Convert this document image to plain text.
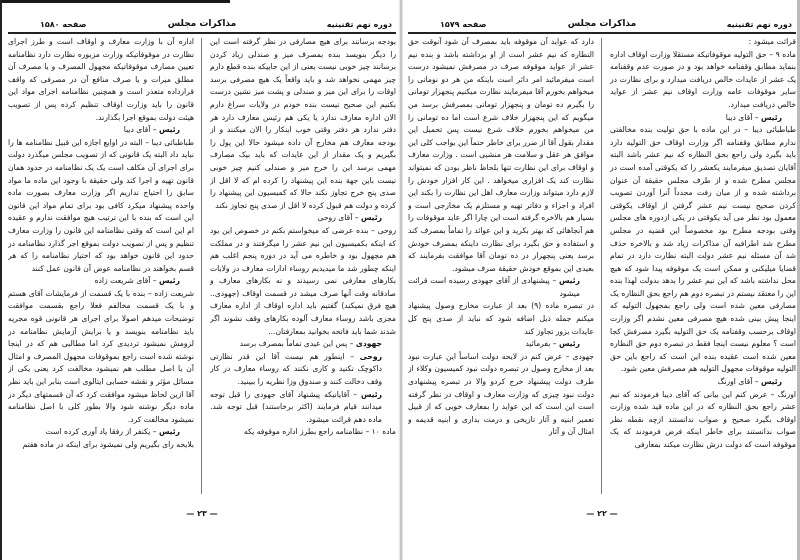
دوره نهم تقنینیه
مذاکرات مجلس
صفحه ۱۵۸۰

بودجه برسانند برای هیچ مصارفی در نظر گرفته است این را دیگر بنویسد بنده بمصرف میز و صندلی زیاد کردن برسانند چیز خوبی نیست یعنی از این جاییکه بنده قطع دارم چیز مهمی نخواهد شد و باید واقعاً یک هیچ مصرفی برسد اوقات را برای این میز و صندلی و پشت میز نشین درست بکنیم این صحیح نیست بنده خودم در ولایات سراغ دارم الان اداره معارف ندارد یا یکی هم رئیس معارف دارد هر دفتر ندارد هر دفتر وقتی خوب اینکار را الان میکنند و از بودجه معارف هم مخارج آن داده میشود حالا این پول را بگیریم و یک مقدار از این عایدات که باید بیک مصارف مهمی برسد این را خرج میز و صندلی کنیم چیز خوبی نیست باین جهة بنده این پیشنهاد را کرده ام که لا اقل از صدی پنج خرج تجاوز نکند حالا که کمیسیون این پیشنهاد را کرده و دولت هم قبول کرده لا اقل از صدی پنج تجاوز نکند

رئیس – آقای روحی

روحی – بنده عرضی که میخواستم بکنم در خصوص این بود که اینکه بکمیسیون این نیم عشر را میگرفتند و در مملکت هم مجهول بود و خاطره می آید در دوره پنجم اغلب هم اینکه چطور شد ما میدیدیم روساء ادارات معارف در ولایات بکارهای معارفی نمی رسیدند و نه بکارهای معارف و صادقانه وقت آنها صرف میشد در قسمت اوقاف (جهودی.. هیچ فرق نمیکند) گفتیم باید اداره اوقاف از اداره معارف مجزی باشد روساء معارف آلوده بکارهای وقف نشوند اگر شدند شما باید فاتحه بخوانید بمعارفتان...

جهودی – پس این عیدی تماماً بمصرف برسد

روحی – اینطور هم نیست آقا این قدر نظارتی داکوچک نکنید و کاری نکنند که روساء معارف در کار وقف دخالت کنند و صندوق وزا نظریه را ببینید.

رئیس – آقایانیکه پیشنهاد آقای جهودی را قبل توجه میدانند قیام فرمایند (اکثر برخاستند) قبل توجه شد. ماده دهم قرائت میشود.

ماده ۱۰ – نظامنامه راجع بطرز اداره موقوفه یکه

اداره آن با وزارت معارف و اوقاف است و طرز اجرای نظارت در موقوفاتیکه وزارت مزبوره نظارت دارد نظامنامه تعیین مصارف موقوفاتیکه مجهول المصرف و یا مصرف آن مطلق میرات و یا صرف منافع آن در مصرفی که واقف قرارداده متعذر است و همچنین نظامنامه اجرای مواد این قانون را باید وزارت اوقاف تنظیم کرده پس از تصویب هیئت دولت بموقع اجرا بگذارند.

رئیس – آقای دیبا

طباطبائی دیبا – البته در اوایع اجازه این قبیل نظامنامه ها را نباید داد البته یک قانونی که از تصویب مجلس میگذرد دولت برای اجرای آن مکلف است یک یک نظامنامه در حدود همان قانون تهیه و اجرا کند ولی حقیقة با وجود این ماده ما مواد سابق را احتیاج نداریم اگر وزارت معارف بصورت ماده واحده پیشنهاد میکرد کافی بود برای تمام مواد این قانون این است که بنده با این ترتیب هیچ موافقت ندارم و عقیده ام این است که وقتی نظامنامه این قانون را وزارت معارف تنظیم و پس از تصویب دولت بموقع اجر گذارد نظامنامه در حدود این قانون خواهد بود که اختیار نظامنامه را که هر قسم بخواهند در نظامنامه عوض آن قانون عمل کنند

رئیس – آقای شریعت زاده

شریعت زاده – بنده با یک قسمت از فرمایشات آقای هستم و با یک قسمت مخالفم فعلا راجع بقسمت موافقت توضیحات میدهم اصولا برای اجرای هر قانونی قوه مجریه باید نظامنامه بنویسد و یا برایش آزمایش نظامنامه در لزومش نمیشود تردیدی کرد اما مطالبی هم که در اینجا نوشته شده است راجع بموقوفات مجهول المصرف و امثال آن یا اصل مطلب هم نمیشود مخالفت کرد یعنی یکی از مسائل مؤثر و نقشه حسابی ایتالوی است بنابر این باید نظر آقا ازین لحاظ میشود موافقت کرد که آن قسمتهای دیگر در ماده دیگر نوشته شود والا بطور کلی با اصل نظامنامه نمیشود مخالفت کرد.

رئیس – یکنفر از رفقا یاد آوری کرده است

بلایحه رای بگیریم ولی نمیشود برای اینکه در ماده هفتم

— ۲۳ —
دوره نهم تقنینیه
مذاکرات مجلس
صفحه ۱۵۷۹

قرائت میشود :

ماده ۹ – حق التولیه موقوفاتیکه مستقلا وزارت اوقاف اداره بنماید مطابق وقفنامه خواهد بود و در صورت عدم وقفنامه یک عشر از عایدات خالص دریافت میدارد و برای نظارت در سایر موقوفات عامه وزارت اوقاف نیم عشر از عواید خالص دریافت میدارد.

رئیس – آقای دیبا

طباطبائی دیبا – در این ماده با حق تولیت بنده مخالفتی ندارم مطابق وقفنامه اگر وزارت اوقاف حق التولیه دارد باید بگیرد ولی راجع بحق النظاره که نیم عشر باشد البته آقایان تصدیق میفرمایند یکعشر را که یکوقتی آمده است در مجلس مطرح شده و از طرف مجلس حقیقة آن عنوان برداشته شده و از میان رفت مجدداً آنرا آوردن تصویب کردن صحیح نیست نیم عشر گرفتن از اوقاف یکوقتی معمول بود نظر می آید یکوقتی در یکی ازدوره های مجلس وقتی بودجه مطرح بود مخصوصاً این قضیه در مجلس مطرح شد اطرافیه آن مذاکرات زیاد شد و بالاخره حذف شد آن مسئله نیم عشر دولت البته نظارت دارد در تمام قضایا میلیکنی و ممکن است یک موقوفه پیدا شود که هیچ محل نداشته باشد که این نیم عشر را بدهد بدولت لهذا بنده این را معتقد نیستم در تبصره دوم هم راجع بحق النظاره یک مصارفی معین شده است ولی راجع بمجهول التولیه که اینجا پیش بینی شده هیچ مصرفی معین نشدم اگر وزارت اوقاف برحسب وقفنامه یک حق التولیه بگیرد مصرفش کجا است ؟ معلوم نیست اینجا فقط در تبصره دوم حق النظاره معین شده است عقیده بنده این است که راجع باین حق التولیه موقوفات مجهول التولیه هم مصرفش معین شود.

رئیس – آقای اورنگ

اورنگ – عرض کنم این بیانی که آقای دیبا فرمودند که نیم عشر راجع بحق النظاره که در این ماده قید شده وزارت اوقاف بگیرد صحیح و صواب ندانستند ازچه نقطه نظر صواب ندانستند برای خاطر اینکه فرض فرمودند که یک موقوفه است که دولت درش نظارت میکند بمعارفی

دارد که عواید آن موقوفه باید بمصرف آن شود آنوقت حق النظاره که نیم عشر است از او برداشته باشد و بنده نیم عشر از عواید موقوفه صرف در مصرفش نمیشود درست است میفرمائید امر دائر است باینکه من هر دو نوماتی را میخواهم بخورم آقا میفرمایند نظارت میکنیم پنجهزار تومانی را بگیرم ده تومان و پنجهزار تومانی بمصرفش برسد من میگویم که این پنجهزار خلاف شرع است اما ده تومانی را من میخواهم بخورم خلاف شرع نیست پس تحمیل این مقدار بقول آقا از ضرر برای خاطر حتماً این بواجب کلی این موافق هر عقل و سلامت هر منشیی است . وزارت معارف و اوقاف برای این نظارت تنها بلحاظ ناظر بودن که نمیتواند نظارت کند یک افزاری میخواهد . این کار افزار خودش را لازم دارد میتواند وزارت معارف اهل این نظارت را بکند این افراد و اجزاء و دفاتر تهیه و مستلزم یک مخارجی است و بسیار هم بالاخره گرفته است این چارا اگر عاید موقوفات را هم آنجاهائی که بهتر بکرید و این عوائد را تماماً بمصرف کند و استفاده و حق بگیرد برای نظارت داینکه بمصرف خودش برسد یعنی پنجهزار در ده تومان آقا موافقت بفرمایند که بعیدی این بموقع خودش حقیقة صرف میشود.

رئیس – پیشنهادی از آقای جهودی رسیده است قرائت میشود

در تبصره ماده (۹) بعد از عبارت مخارج وصول پیشنهاد میکنم جمله ذیل اضافه شود که نباید از صدی پنج کل عایدات بزور تجاوز کند

رئیس – بفرمائید

جهودی – عرض کنم در لایحه دولت اساساً این عبارت نبود بعد از مخارج وصول در تبصره دولت نبود کمیسیون وکلاء از طرف دولت پیشنهاد خرج کردو والا در تبصره پیشنهادی دولت نبود چیزی که وزارت معارف و اوقاف در نظر گرفته است این است که این عواید را بمعارف خوبی که از قبیل تعمیر ابنیه و آثار تاریخی و درمت بداری و ابنیه قدیمه و امثال آن و آثار

— ۲۲ —
